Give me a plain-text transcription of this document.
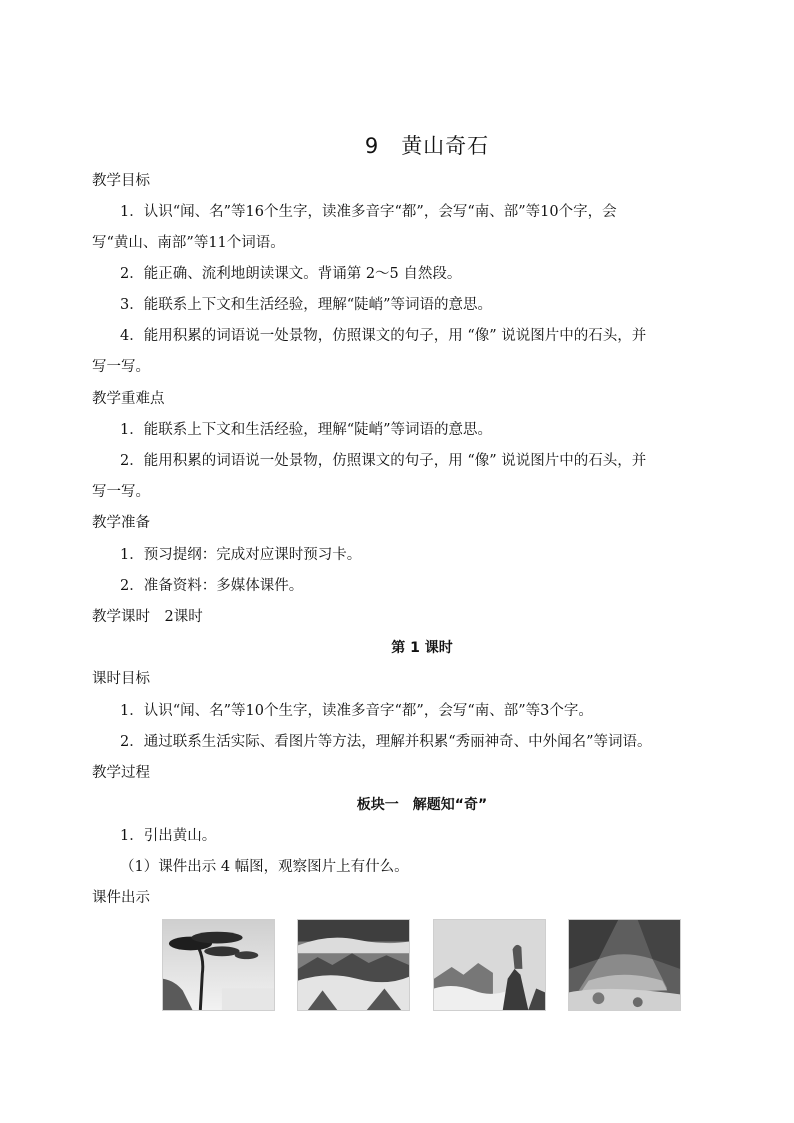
9 黄山奇石
教学目标
1．认识“闻、名”等16个生字，读准多音字“都”，会写“南、部”等10个字，会
写“黄山、南部”等11个词语。
2．能正确、流利地朗读课文。背诵第 2～5 自然段。
3．能联系上下文和生活经验，理解“陡峭”等词语的意思。
4．能用积累的词语说一处景物，仿照课文的句子，用 “像” 说说图片中的石头，并
写一写。
教学重难点
1．能联系上下文和生活经验，理解“陡峭”等词语的意思。
2．能用积累的词语说一处景物，仿照课文的句子，用 “像” 说说图片中的石头，并
写一写。
教学准备
1．预习提纲：完成对应课时预习卡。
2．准备资料：多媒体课件。
教学课时　2课时
第 1 课时
课时目标
1．认识“闻、名”等10个生字，读准多音字“都”，会写“南、部”等3个字。
2．通过联系生活实际、看图片等方法，理解并积累“秀丽神奇、中外闻名”等词语。
教学过程
板块一　解题知“奇”
1．引出黄山。
（1）课件出示 4 幅图，观察图片上有什么。
课件出示
